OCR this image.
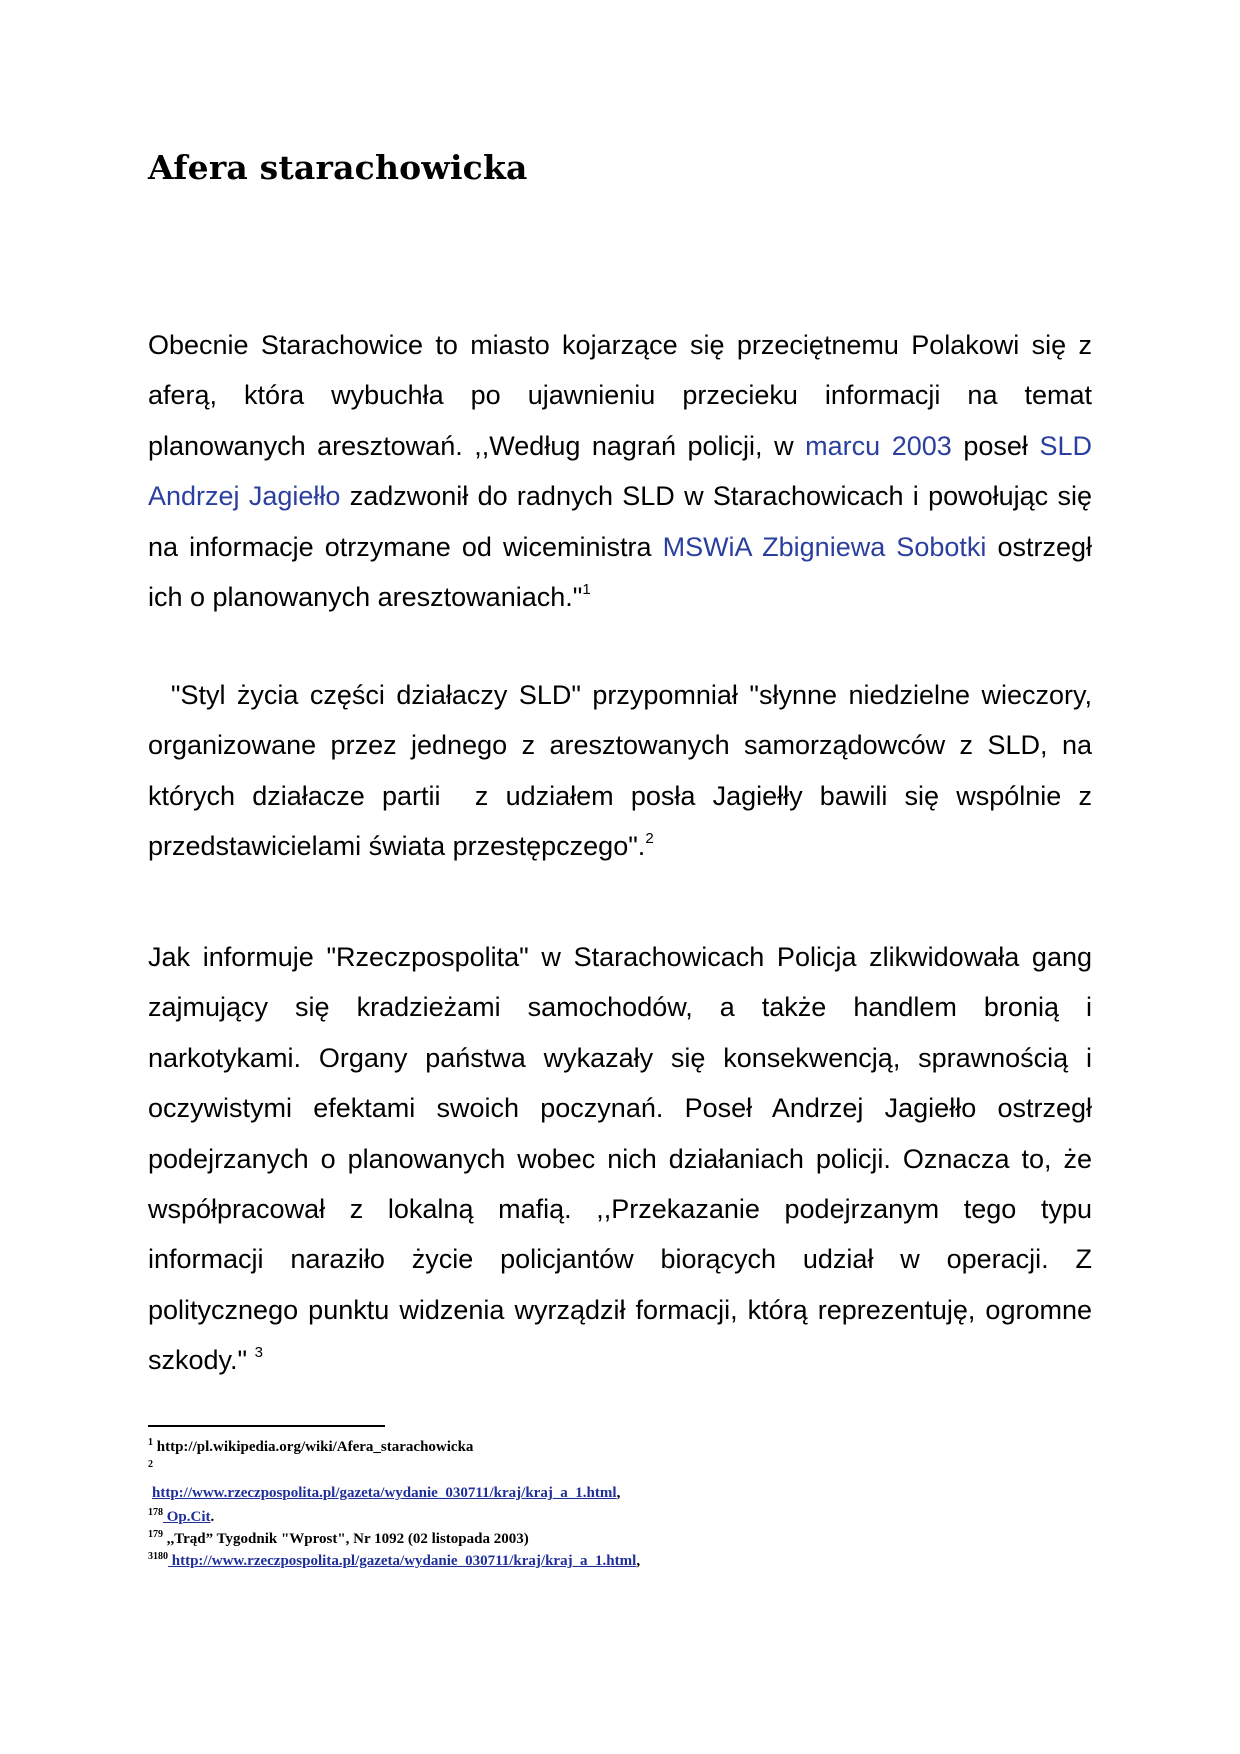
Afera starachowicka

Obecnie Starachowice to miasto kojarzące się przeciętnemu Polakowi się z aferą, która wybuchła po ujawnieniu przecieku informacji na temat planowanych aresztowań. ,,Według nagrań policji, w marcu 2003 poseł SLD Andrzej Jagiełło zadzwonił do radnych SLD w Starachowicach i powołując się na informacje otrzymane od wiceministra MSWiA Zbigniewa Sobotki ostrzegł ich o planowanych aresztowaniach."$^1$

"Styl życia części działaczy SLD" przypomniał "słynne niedzielne wieczory, organizowane przez jednego z aresztowanych samorządowców z SLD, na których działacze partii  z udziałem posła Jagiełły bawili się wspólnie z przedstawicielami świata przestępczego".$^2$

Jak informuje "Rzeczpospolita" w Starachowicach Policja zlikwidowała gang zajmujący się kradzieżami samochodów, a także handlem bronią i narkotykami. Organy państwa wykazały się konsekwencją, sprawnością i oczywistymi efektami swoich poczynań. Poseł Andrzej Jagiełło ostrzegł podejrzanych o planowanych wobec nich działaniach policji. Oznacza to, że współpracował z lokalną mafią. ,,Przekazanie podejrzanym tego typu informacji naraziło życie policjantów biorących udział w operacji. Z politycznego punktu widzenia wyrządził formacji, którą reprezentuję, ogromne szkody." $^3$

$^1$ http://pl.wikipedia.org/wiki/Afera_starachowicka
$^2$
http://www.rzeczpospolita.pl/gazeta/wydanie_030711/kraj/kraj_a_1.html,
$^{178}$ Op.Cit.
$^{179}$ ,,Trąd” Tygodnik "Wprost", Nr 1092 (02 listopada 2003)
$^{3180}$ http://www.rzeczpospolita.pl/gazeta/wydanie_030711/kraj/kraj_a_1.html,
